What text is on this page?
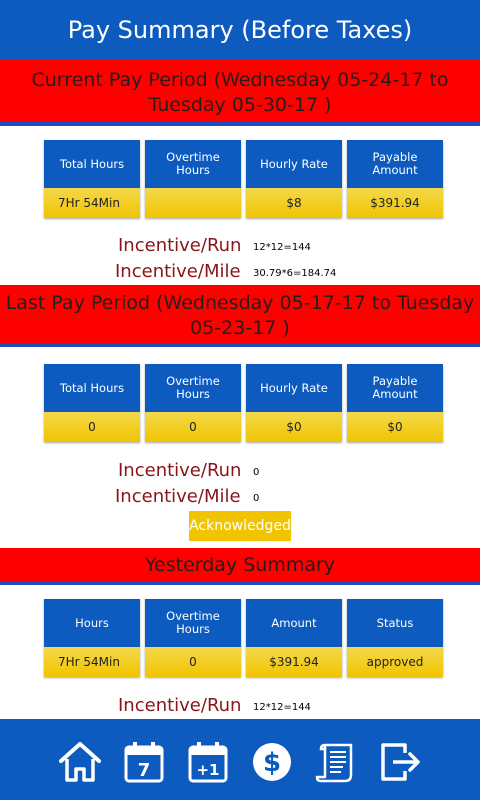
Pay Summary (Before Taxes)
Current Pay Period (Wednesday 05-24-17 to
Tuesday 05-30-17 )
Total Hours
7Hr 54Min
Overtime Hours	Hourly Rate
$8
Payable Amount
$391.94
Incentive/Run 12*12=144
Incentive/Mile 30.79*6=184.74
Last Pay Period (Wednesday 05-17-17 to Tuesday
05-23-17 )
Total Hours
0
Overtime Hours
0
Hourly Rate
$0
Payable Amount
$0
Incentive/Run 0
Incentive/Mile 0
Acknowledged
Yesterday Summary
Hours
7Hr 54Min
Overtime Hours
0
Amount
$391.94
Status
approved
Incentive/Run 12*12=144
7	+1 $
